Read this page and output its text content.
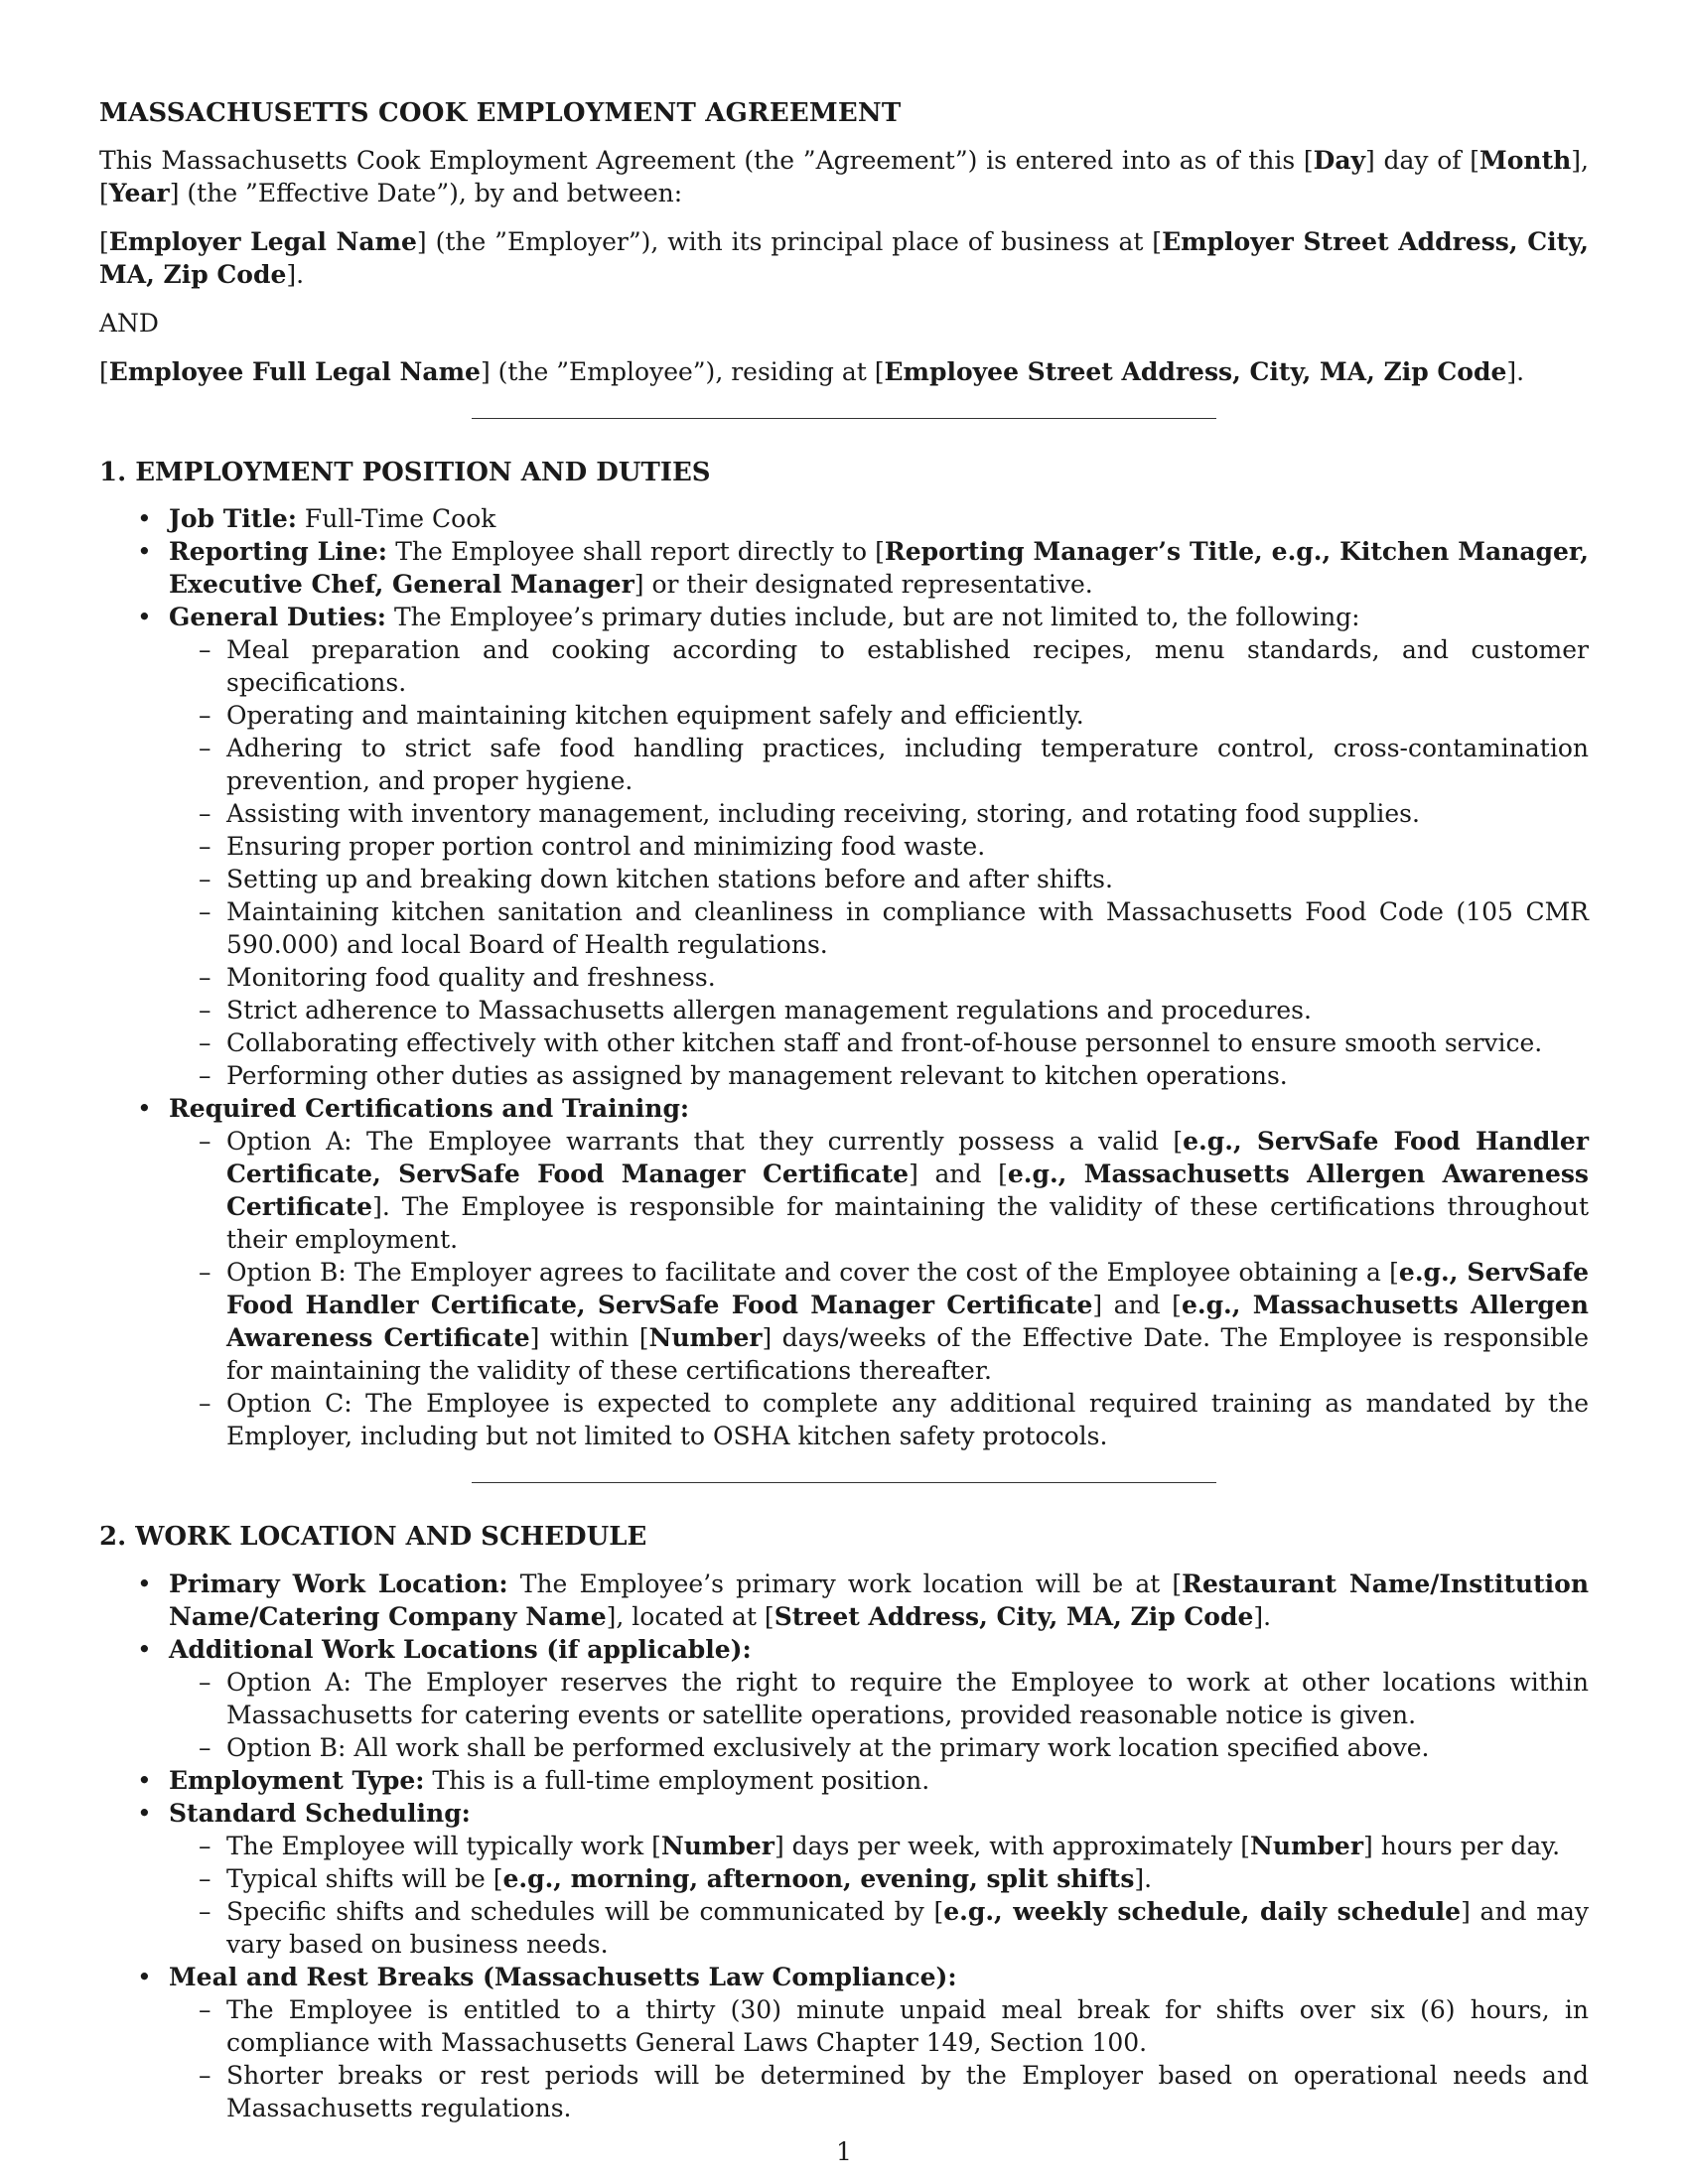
MASSACHUSETTS COOK EMPLOYMENT AGREEMENT

This Massachusetts Cook Employment Agreement (the ”Agreement”) is entered into as of this [Day] day of [Month], [Year] (the ”Effective Date”), by and between:

[Employer Legal Name] (the ”Employer”), with its principal place of business at [Employer Street Address, City, MA, Zip Code].

AND

[Employee Full Legal Name] (the ”Employee”), residing at [Employee Street Address, City, MA, Zip Code].

1. EMPLOYMENT POSITION AND DUTIES
• Job Title: Full-Time Cook
• Reporting Line: The Employee shall report directly to [Reporting Manager’s Title, e.g., Kitchen Manager, Executive Chef, General Manager] or their designated representative.
• General Duties: The Employee’s primary duties include, but are not limited to, the following:
– Meal preparation and cooking according to established recipes, menu standards, and customer specifications.
– Operating and maintaining kitchen equipment safely and efficiently.
– Adhering to strict safe food handling practices, including temperature control, cross-contamination prevention, and proper hygiene.
– Assisting with inventory management, including receiving, storing, and rotating food supplies.
– Ensuring proper portion control and minimizing food waste.
– Setting up and breaking down kitchen stations before and after shifts.
– Maintaining kitchen sanitation and cleanliness in compliance with Massachusetts Food Code (105 CMR 590.000) and local Board of Health regulations.
– Monitoring food quality and freshness.
– Strict adherence to Massachusetts allergen management regulations and procedures.
– Collaborating effectively with other kitchen staff and front-of-house personnel to ensure smooth service.
– Performing other duties as assigned by management relevant to kitchen operations.
• Required Certifications and Training:
– Option A: The Employee warrants that they currently possess a valid [e.g., ServSafe Food Handler Certificate, ServSafe Food Manager Certificate] and [e.g., Massachusetts Allergen Awareness Certificate]. The Employee is responsible for maintaining the validity of these certifications throughout their employment.
– Option B: The Employer agrees to facilitate and cover the cost of the Employee obtaining a [e.g., ServSafe Food Handler Certificate, ServSafe Food Manager Certificate] and [e.g., Massachusetts Allergen Awareness Certificate] within [Number] days/weeks of the Effective Date. The Employee is responsible for maintaining the validity of these certifications thereafter.
– Option C: The Employee is expected to complete any additional required training as mandated by the Employer, including but not limited to OSHA kitchen safety protocols.
2. WORK LOCATION AND SCHEDULE
• Primary Work Location: The Employee’s primary work location will be at [Restaurant Name/Institution Name/Catering Company Name], located at [Street Address, City, MA, Zip Code].
• Additional Work Locations (if applicable):
– Option A: The Employer reserves the right to require the Employee to work at other locations within Massachusetts for catering events or satellite operations, provided reasonable notice is given.
– Option B: All work shall be performed exclusively at the primary work location specified above.
• Employment Type: This is a full-time employment position.
• Standard Scheduling:
– The Employee will typically work [Number] days per week, with approximately [Number] hours per day.
– Typical shifts will be [e.g., morning, afternoon, evening, split shifts].
– Specific shifts and schedules will be communicated by [e.g., weekly schedule, daily schedule] and may vary based on business needs.
• Meal and Rest Breaks (Massachusetts Law Compliance):
– The Employee is entitled to a thirty (30) minute unpaid meal break for shifts over six (6) hours, in compliance with Massachusetts General Laws Chapter 149, Section 100.
– Shorter breaks or rest periods will be determined by the Employer based on operational needs and Massachusetts regulations.
1
